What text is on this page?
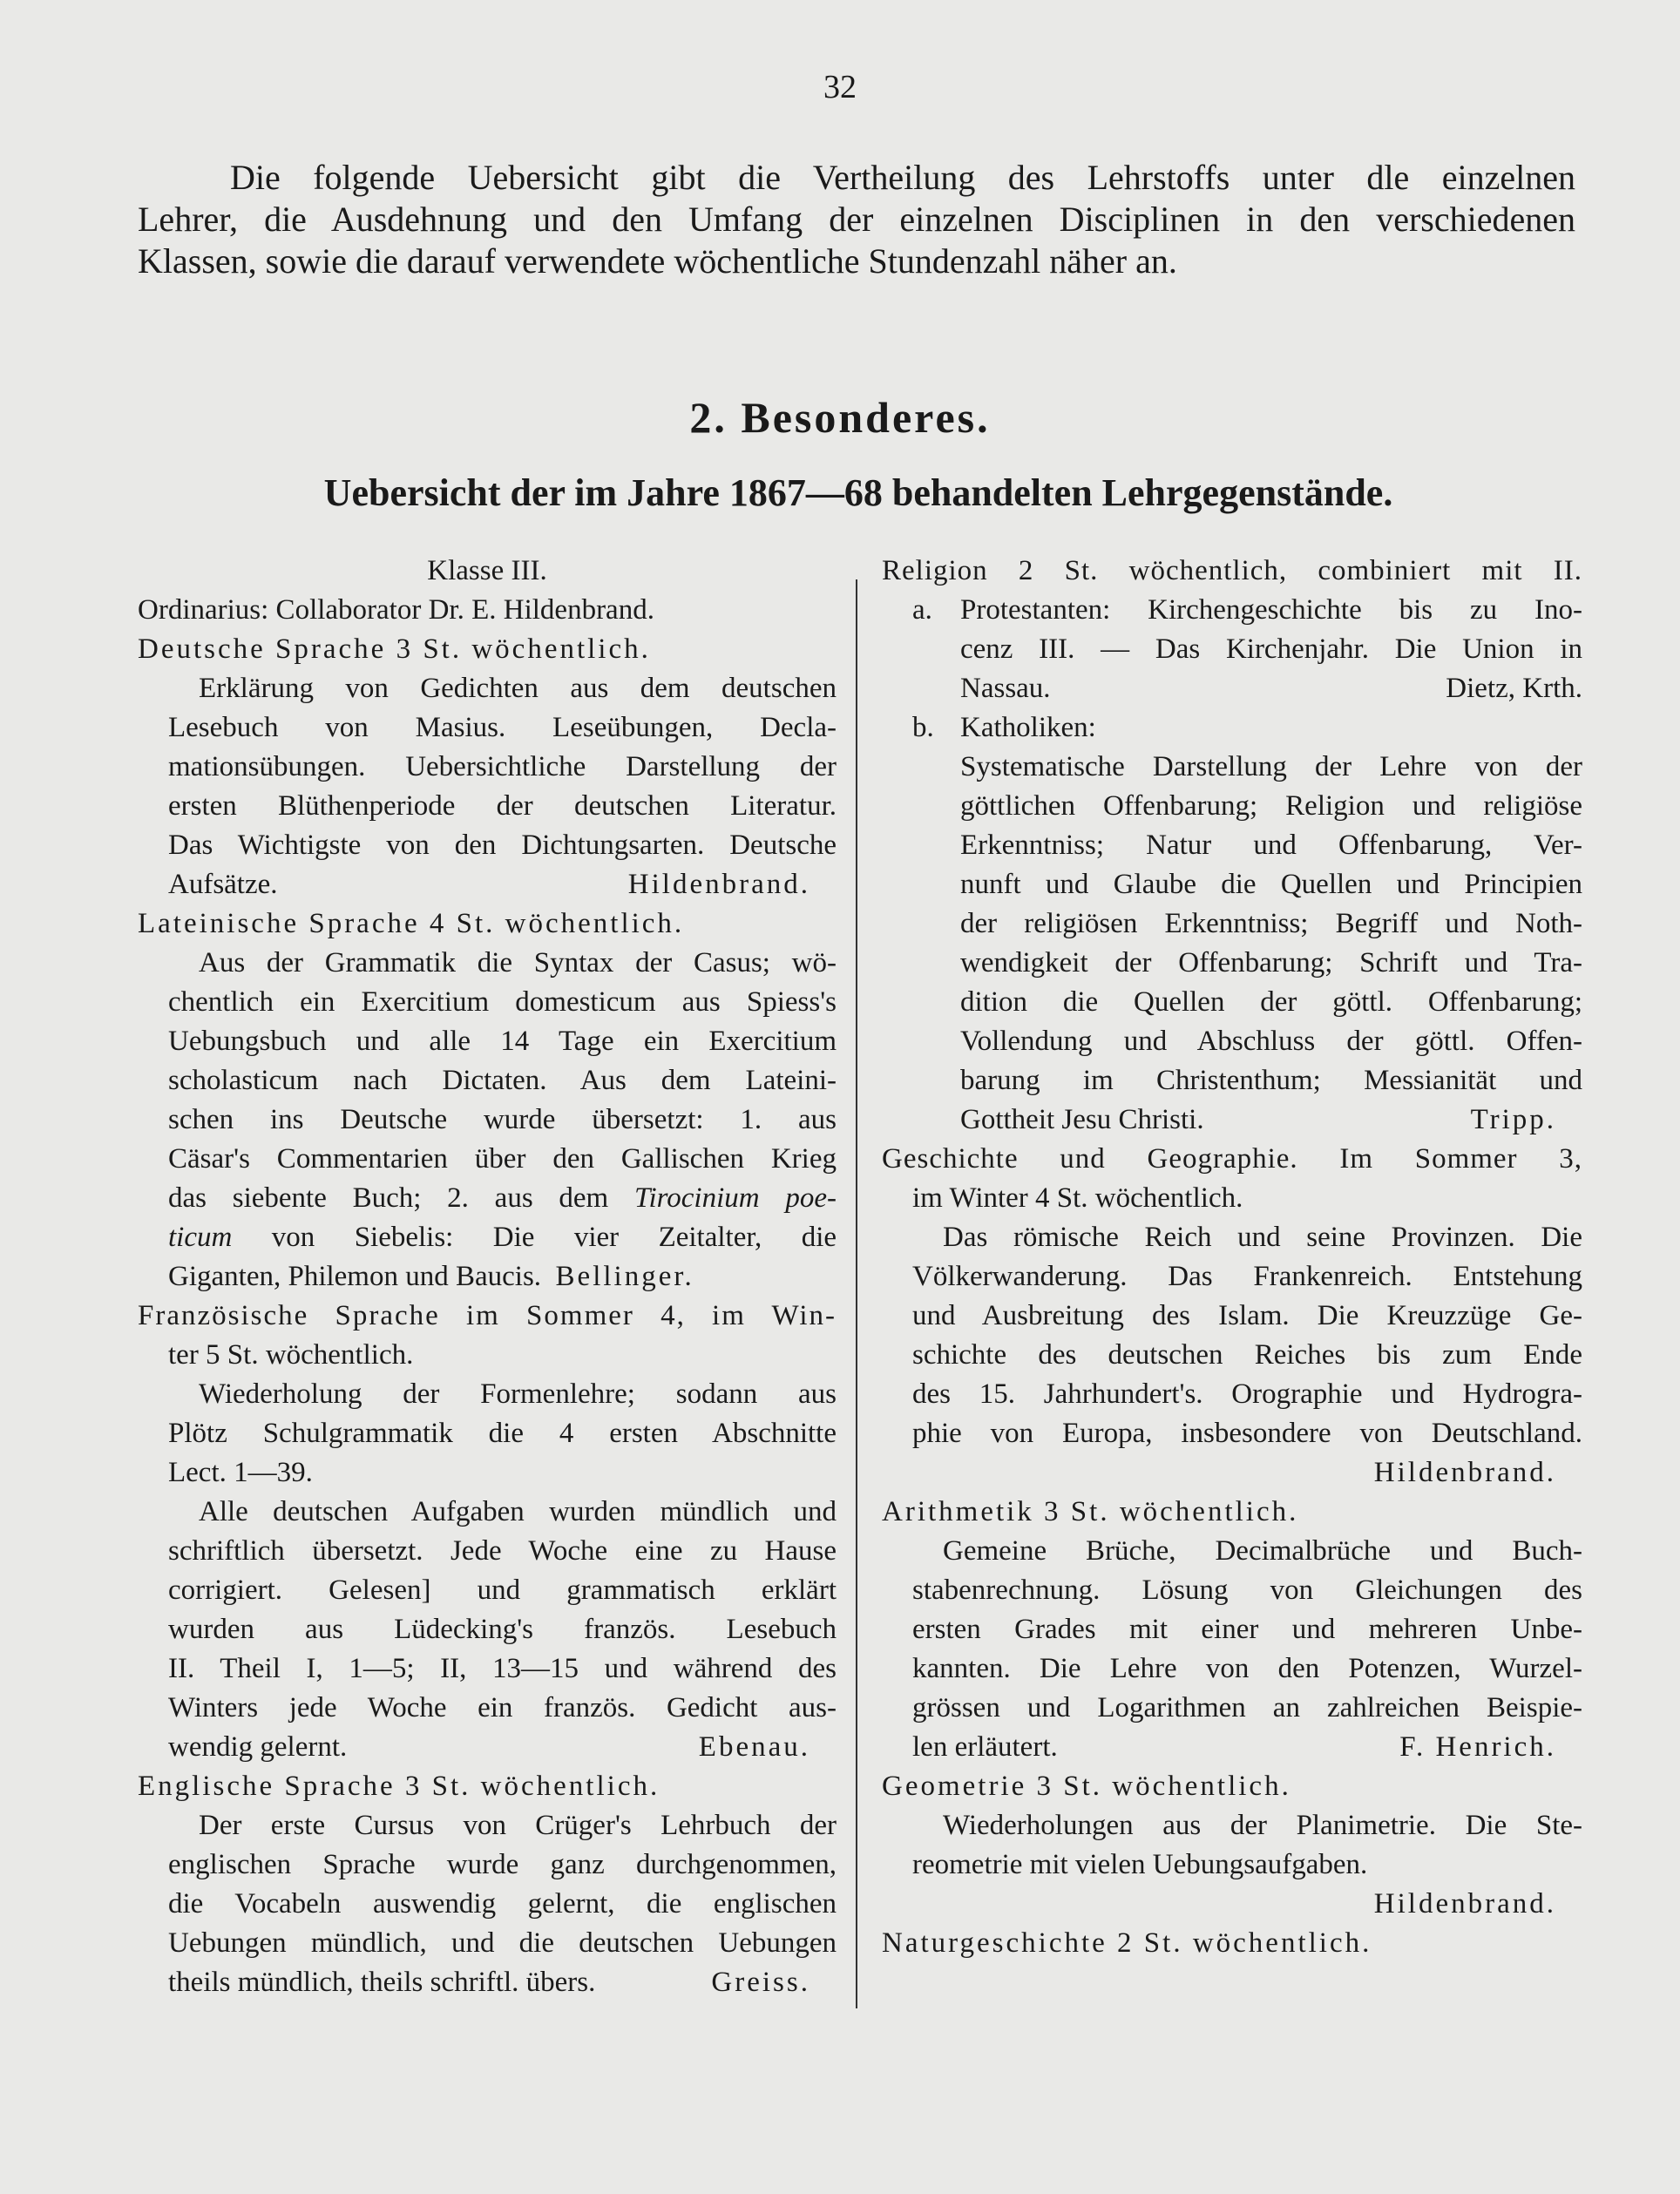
32
Die folgende Uebersicht gibt die Vertheilung des Lehrstoffs unter dle einzelnen
Lehrer, die Ausdehnung und den Umfang der einzelnen Disciplinen in den verschiedenen
Klassen, sowie die darauf verwendete wöchentliche Stundenzahl näher an.
2. Besonderes.
Uebersicht der im Jahre 1867—68 behandelten Lehrgegenstände.
Klasse III.
Ordinarius: Collaborator Dr. E. Hildenbrand.
Deutsche Sprache 3 St. wöchentlich.
Erklärung von Gedichten aus dem deutschen
Lesebuch von Masius. Leseübungen, Decla-
mationsübungen. Uebersichtliche Darstellung der
ersten Blüthenperiode der deutschen Literatur.
Das Wichtigste von den Dichtungsarten. Deutsche
Aufsätze.	Hildenbrand.
Lateinische Sprache 4 St. wöchentlich.
Aus der Grammatik die Syntax der Casus; wö-
chentlich ein Exercitium domesticum aus Spiess's
Uebungsbuch und alle 14 Tage ein Exercitium
scholasticum nach Dictaten. Aus dem Lateini-
schen ins Deutsche wurde übersetzt: 1. aus
Cäsar's Commentarien über den Gallischen Krieg
das siebente Buch; 2. aus dem Tirocinium poe-
ticum von Siebelis: Die vier Zeitalter, die
Giganten, Philemon und Baucis. Bellinger.
Französische Sprache im Sommer 4, im Win-
ter 5 St. wöchentlich.
Wiederholung der Formenlehre; sodann aus
Plötz Schulgrammatik die 4 ersten Abschnitte
Lect. 1—39.
Alle deutschen Aufgaben wurden mündlich und
schriftlich übersetzt. Jede Woche eine zu Hause
corrigiert. Gelesen] und grammatisch erklärt
wurden aus Lüdecking's französ. Lesebuch
II. Theil I, 1—5; II, 13—15 und während des
Winters jede Woche ein französ. Gedicht aus-
wendig gelernt.	Ebenau.
Englische Sprache 3 St. wöchentlich.
Der erste Cursus von Crüger's Lehrbuch der
englischen Sprache wurde ganz durchgenommen,
die Vocabeln auswendig gelernt, die englischen
Uebungen mündlich, und die deutschen Uebungen
theils mündlich, theils schriftl. übers.	Greiss.
Religion 2 St. wöchentlich, combiniert mit II.
a. Protestanten: Kirchengeschichte bis zu Ino-
cenz III. — Das Kirchenjahr. Die Union in
Nassau.	Dietz, Krth.
b. Katholiken:
Systematische Darstellung der Lehre von der
göttlichen Offenbarung; Religion und religiöse
Erkenntniss; Natur und Offenbarung, Ver-
nunft und Glaube die Quellen und Principien
der religiösen Erkenntniss; Begriff und Noth-
wendigkeit der Offenbarung; Schrift und Tra-
dition die Quellen der göttl. Offenbarung;
Vollendung und Abschluss der göttl. Offen-
barung im Christenthum; Messianität und
Gottheit Jesu Christi.	Tripp.
Geschichte und Geographie. Im Sommer 3,
im Winter 4 St. wöchentlich.
Das römische Reich und seine Provinzen. Die
Völkerwanderung. Das Frankenreich. Entstehung
und Ausbreitung des Islam. Die Kreuzzüge Ge-
schichte des deutschen Reiches bis zum Ende
des 15. Jahrhundert's. Orographie und Hydrogra-
phie von Europa, insbesondere von Deutschland.
Hildenbrand.
Arithmetik 3 St. wöchentlich.
Gemeine Brüche, Decimalbrüche und Buch-
stabenrechnung. Lösung von Gleichungen des
ersten Grades mit einer und mehreren Unbe-
kannten. Die Lehre von den Potenzen, Wurzel-
grössen und Logarithmen an zahlreichen Beispie-
len erläutert.	F. Henrich.
Geometrie 3 St. wöchentlich.
Wiederholungen aus der Planimetrie. Die Ste-
reometrie mit vielen Uebungsaufgaben.
Hildenbrand.
Naturgeschichte 2 St. wöchentlich.
